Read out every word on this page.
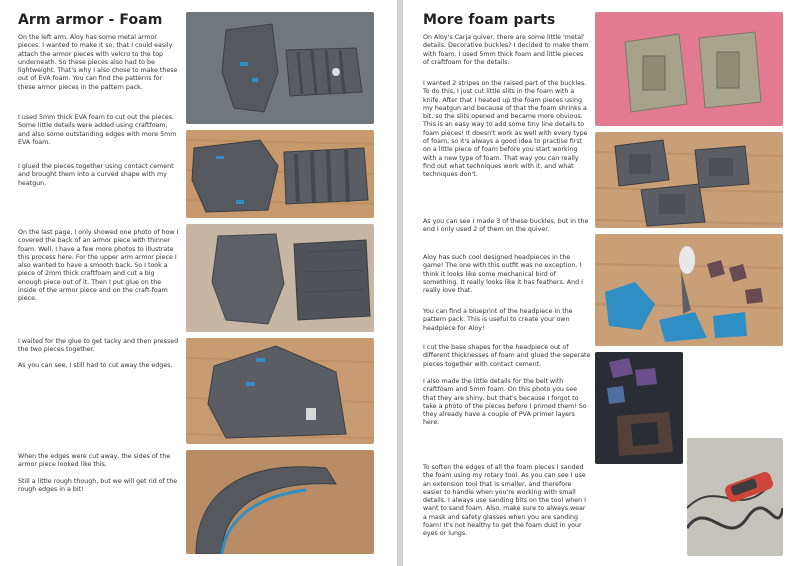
Arm armor - Foam

On the left arm, Aloy has some metal armor pieces. I wanted to make it so, that I could easily attach the armor pieces with velcro to the top underneath. So these pieces also had to be lightweight. That's why I also chose to make these out of EVA foam. You can find the patterns for these armor pieces in the pattern pack.

I used 5mm thick EVA foam to cut out the pieces. Some little details were added using craftfoam, and also some outstanding edges with more 5mm EVA foam.

I glued the pieces together using contact cement and brought them into a curved shape with my heatgun.

On the last page, I only showed one photo of how I covered the back of an armor piece with thinner foam. Well, I have a few more photos to illustrate this process here. For the upper arm armor piece I also wanted to have a smooth back. So I took a piece of 2mm thick craftfoam and cut a big enough piece out of it. Then I put glue on the inside of the armor piece and on the craft-foam piece.

I waited for the glue to get tacky and then pressed the two pieces together.

As you can see, I still had to cut away the edges.

When the edges were cut away, the sides of the armor piece looked like this.

Still a little rough though, but we will get rid of the rough edges in a bit!

More foam parts

On Aloy's Carja quiver, there are some little 'metal' details. Decorative buckles? I decided to make them with foam. I used 5mm thick foam and little pieces of craftfoam for the details.

I wanted 2 stripes on the raised part of the buckles. To do this, I just cut little slits in the foam with a knife. After that I heated up the foam pieces using my heatgun and because of that the foam shrinks a bit, so the slits opened and became more obvious. This is an easy way to add some tiny line details to foam pieces! It doesn't work as well with every type of foam, so it's always a good idea to practise first on a little piece of foam before you start working with a new type of foam. That way you can really find out what techniques work with it, and what techniques don't.

As you can see I made 3 of these buckles, but in the end I only used 2 of them on the quiver.

Aloy has such cool designed headpieces in the game! The one with this outfit was no exception. I think it looks like some mechanical bird of something. It really looks like it has feathers. And I really love that.

You can find a blueprint of the headpiece in the pattern pack. This is useful to create your own headpiece for Aloy!

I cut the base shapes for the headpiece out of different thicknesses of foam and glued the seperate pieces together with contact cement.

I also made the little details for the belt with craftfoam and 5mm foam. On this photo you see that they are shiny, but that's because I forgot to take a photo of the pieces before I primed them! So they already have a couple of PVA primer layers here.

To soften the edges of all the foam pieces I sanded the foam using my rotary tool. As you can see I use an extension tool that is smaller, and therefore easier to handle when you're working with small details. I always use sanding bits on the tool when I want to sand foam. Also, make sure to always wear a mask and safety glasses when you are sanding foam! It's not healthy to get the foam dust in your eyes or lungs.
